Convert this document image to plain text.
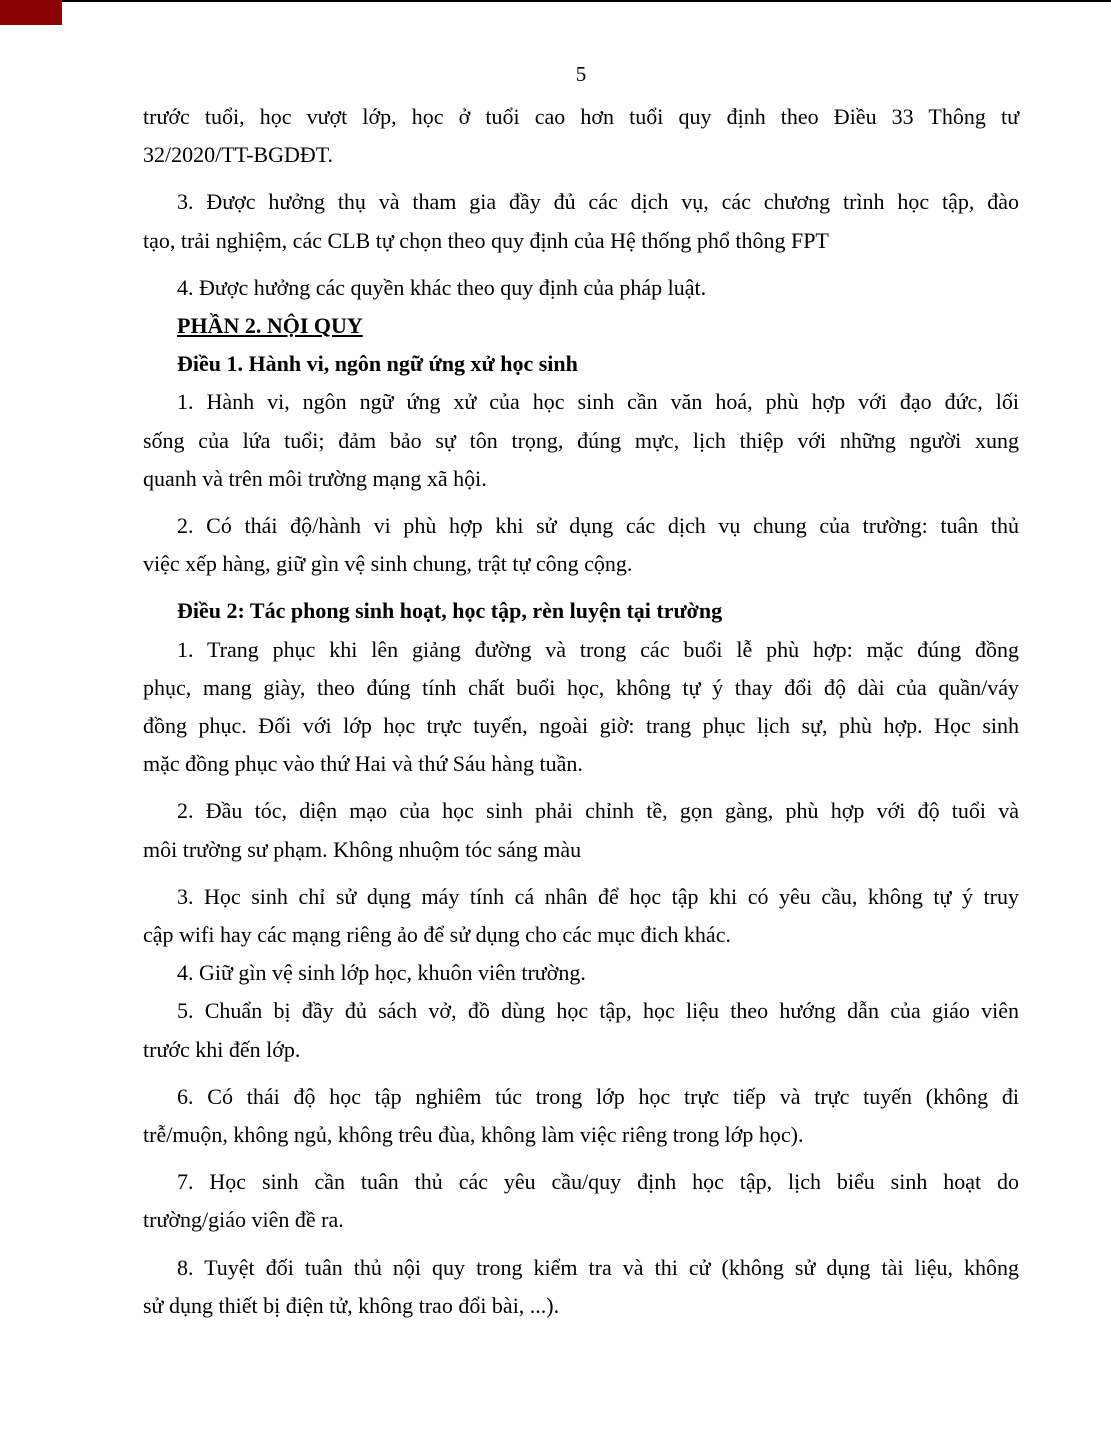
5
trước tuổi, học vượt lớp, học ở tuổi cao hơn tuổi quy định theo Điều 33 Thông tư
32/2020/TT-BGDĐT.
3. Được hưởng thụ và tham gia đầy đủ các dịch vụ, các chương trình học tập, đào
tạo, trải nghiệm, các CLB tự chọn theo quy định của Hệ thống phổ thông FPT
4. Được hưởng các quyền khác theo quy định của pháp luật.
PHẦN 2. NỘI QUY
Điều 1. Hành vi, ngôn ngữ ứng xử học sinh
1. Hành vi, ngôn ngữ ứng xử của học sinh cần văn hoá, phù hợp với đạo đức, lối
sống của lứa tuổi; đảm bảo sự tôn trọng, đúng mực, lịch thiệp với những người xung
quanh và trên môi trường mạng xã hội.
2. Có thái độ/hành vi phù hợp khi sử dụng các dịch vụ chung của trường: tuân thủ
việc xếp hàng, giữ gìn vệ sinh chung, trật tự công cộng.
Điều 2: Tác phong sinh hoạt, học tập, rèn luyện tại trường
1. Trang phục khi lên giảng đường và trong các buổi lễ phù hợp: mặc đúng đồng
phục, mang giày, theo đúng tính chất buổi học, không tự ý thay đổi độ dài của quần/váy
đồng phục. Đối với lớp học trực tuyến, ngoài giờ: trang phục lịch sự, phù hợp. Học sinh
mặc đồng phục vào thứ Hai và thứ Sáu hàng tuần.
2. Đầu tóc, diện mạo của học sinh phải chỉnh tề, gọn gàng, phù hợp với độ tuổi và
môi trường sư phạm. Không nhuộm tóc sáng màu
3. Học sinh chỉ sử dụng máy tính cá nhân để học tập khi có yêu cầu, không tự ý truy
cập wifi hay các mạng riêng ảo để sử dụng cho các mục đich khác.
4. Giữ gìn vệ sinh lớp học, khuôn viên trường.
5. Chuẩn bị đầy đủ sách vở, đồ dùng học tập, học liệu theo hướng dẫn của giáo viên
trước khi đến lớp.
6. Có thái độ học tập nghiêm túc trong lớp học trực tiếp và trực tuyến (không đi
trễ/muộn, không ngủ, không trêu đùa, không làm việc riêng trong lớp học).
7. Học sinh cần tuân thủ các yêu cầu/quy định học tập, lịch biểu sinh hoạt do
trường/giáo viên đề ra.
8. Tuyệt đối tuân thủ nội quy trong kiểm tra và thi cử (không sử dụng tài liệu, không
sử dụng thiết bị điện tử, không trao đổi bài, ...).
